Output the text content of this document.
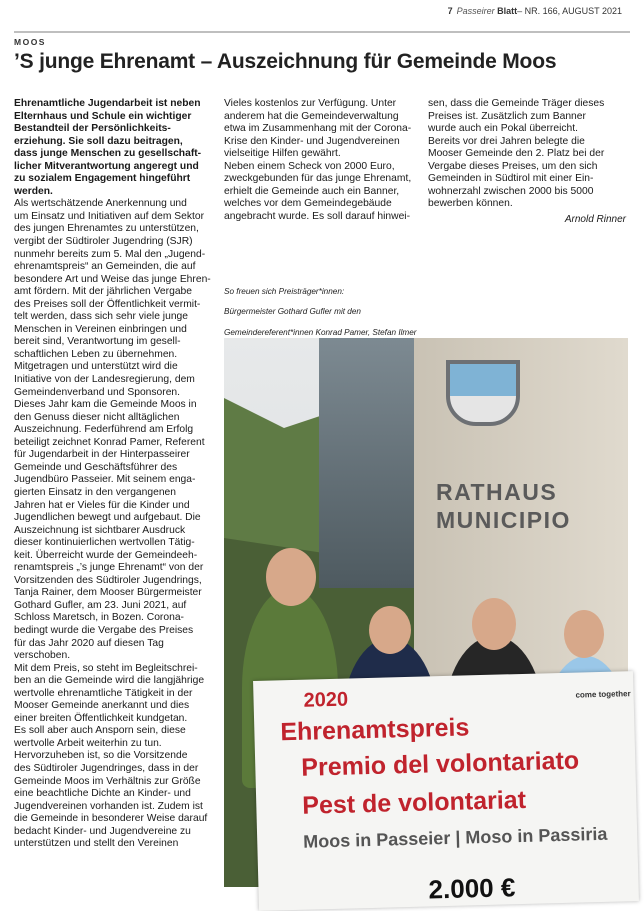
7 Passeirer Blatt– NR. 166, AUGUST 2021
MOOS
’S junge Ehrenamt – Auszeichnung für Gemeinde Moos

Ehrenamtliche Jugendarbeit ist neben

Elternhaus und Schule ein wichtiger

Bestandteil der Persönlichkeits-

erziehung. Sie soll dazu beitragen,

dass junge Menschen zu gesellschaft-

licher Mitverantwortung angeregt und

zu sozialem Engagement hingeführt

werden.

Als wertschätzende Anerkennung und

um Einsatz und Initiativen auf dem Sektor

des jungen Ehrenamtes zu unterstützen,

vergibt der Südtiroler Jugendring (SJR)

nunmehr bereits zum 5. Mal den „Jugend-

ehrenamtspreis“ an Gemeinden, die auf

besondere Art und Weise das junge Ehren-

amt fördern. Mit der jährlichen Vergabe

des Preises soll der Öffentlichkeit vermit-

telt werden, dass sich sehr viele junge

Menschen in Vereinen einbringen und

bereit sind, Verantwortung im gesell-

schaftlichen Leben zu übernehmen.

Mitgetragen und unterstützt wird die

Initiative von der Landesregierung, dem

Gemeindenverband und Sponsoren.

Dieses Jahr kam die Gemeinde Moos in

den Genuss dieser nicht alltäglichen

Auszeichnung. Federführend am Erfolg

beteiligt zeichnet Konrad Pamer, Referent

für Jugendarbeit in der Hinterpasseirer

Gemeinde und Geschäftsführer des

Jugendbüro Passeier. Mit seinem enga-

gierten Einsatz in den vergangenen

Jahren hat er Vieles für die Kinder und

Jugendlichen bewegt und aufgebaut. Die

Auszeichnung ist sichtbarer Ausdruck

dieser kontinuierlichen wertvollen Tätig-

keit. Überreicht wurde der Gemeindeeh-

renamtspreis „’s junge Ehrenamt“ von der

Vorsitzenden des Südtiroler Jugendrings,

Tanja Rainer, dem Mooser Bürgermeister

Gothard Gufler, am 23. Juni 2021, auf

Schloss Maretsch, in Bozen. Corona-

bedingt wurde die Vergabe des Preises

für das Jahr 2020 auf diesen Tag

verschoben.

Mit dem Preis, so steht im Begleitschrei-

ben an die Gemeinde wird die langjährige

wertvolle ehrenamtliche Tätigkeit in der

Mooser Gemeinde anerkannt und dies

einer breiten Öffentlichkeit kundgetan.

Es soll aber auch Ansporn sein, diese

wertvolle Arbeit weiterhin zu tun.

Hervorzuheben ist, so die Vorsitzende

des Südtiroler Jugendringes, dass in der

Gemeinde Moos im Verhältnis zur Größe

eine beachtliche Dichte an Kinder- und

Jugendvereinen vorhanden ist. Zudem ist

die Gemeinde in besonderer Weise darauf

bedacht Kinder- und Jugendvereine zu

unterstützen und stellt den Vereinen

Vieles kostenlos zur Verfügung. Unter

anderem hat die Gemeindeverwaltung

etwa im Zusammenhang mit der Corona-

Krise den Kinder- und Jugendvereinen

vielseitige Hilfen gewährt.

Neben einem Scheck von 2000 Euro,

zweckgebunden für das junge Ehrenamt,

erhielt die Gemeinde auch ein Banner,

welches vor dem Gemeindegebäude

angebracht wurde. Es soll darauf hinwei-

sen, dass die Gemeinde Träger dieses

Preises ist. Zusätzlich zum Banner

wurde auch ein Pokal überreicht.

Bereits vor drei Jahren belegte die

Mooser Gemeinde den 2. Platz bei der

Vergabe dieses Preises, um den sich

Gemeinden in Südtirol mit einer Ein-

wohnerzahl zwischen 2000 bis 5000

bewerben können.

Arnold Rinner

So freuen sich Preisträger*innen:

Bürgermeister Gothard Gufler mit den

Gemeindereferent*innen Konrad Pamer, Stefan Ilmer

RATHAUS
MUNICIPIO
come together
2020
Ehrenamtspreis
Premio del volontariato
Pest de volontariat
Moos in Passeier | Moso in Passiria
2.000 €
